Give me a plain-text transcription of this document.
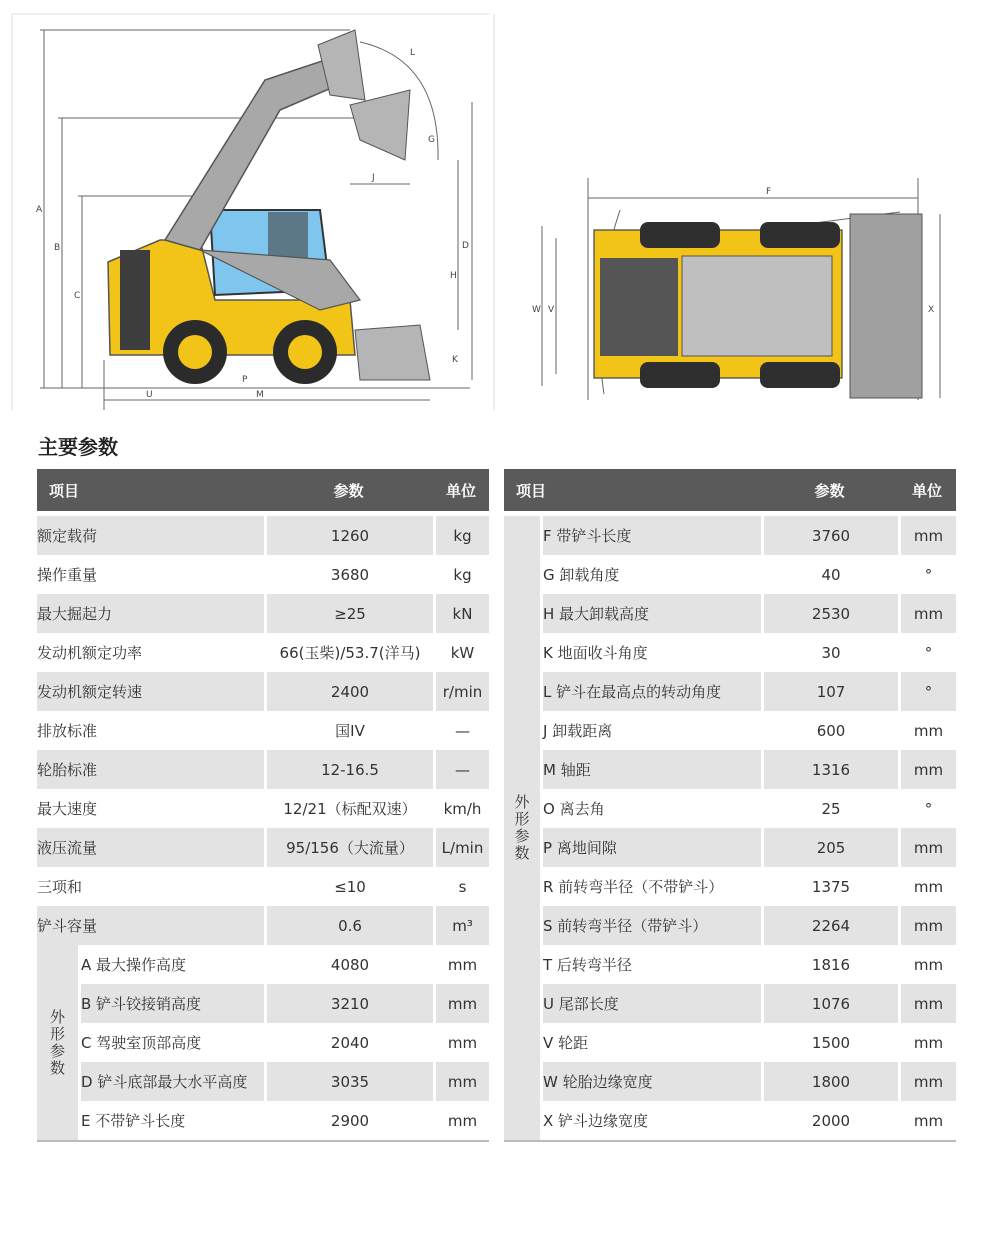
A
B
C
D
H
J
K
L
G
U
P
M
F
W V	X
主要参数
项目		参数	单位

额定载荷		1260	kg
操作重量		3680	kg
最大掘起力		≥25	kN
发动机额定功率		66(玉柴)/53.7(洋马)	kW
发动机额定转速		2400	r/min
排放标准		国IV	—
轮胎标准		12-16.5	—
最大速度		12/21（标配双速）	km/h
液压流量		95/156（大流量）	L/min
三项和		≤10	s
铲斗容量		0.6	m³

外
形
参
数	A 最大操作高度	4080	mm
	B 铲斗铰接销高度	3210	mm
	C 驾驶室顶部高度	2040	mm
	D 铲斗底部最大水平高度	3035	mm
	E 不带铲斗长度	2900	mm
项目		参数	单位

外
形
参
数	F 带铲斗长度	3760	mm
	G 卸载角度	40	°
	H 最大卸载高度	2530	mm
	K 地面收斗角度	30	°
	L 铲斗在最高点的转动角度	107	°
	J 卸载距离	600	mm
	M 轴距	1316	mm
	O 离去角	25	°
	P 离地间隙	205	mm
	R 前转弯半径（不带铲斗）	1375	mm
	S 前转弯半径（带铲斗）	2264	mm
	T 后转弯半径	1816	mm
	U 尾部长度	1076	mm
	V 轮距	1500	mm
	W 轮胎边缘宽度	1800	mm
	X 铲斗边缘宽度	2000	mm
